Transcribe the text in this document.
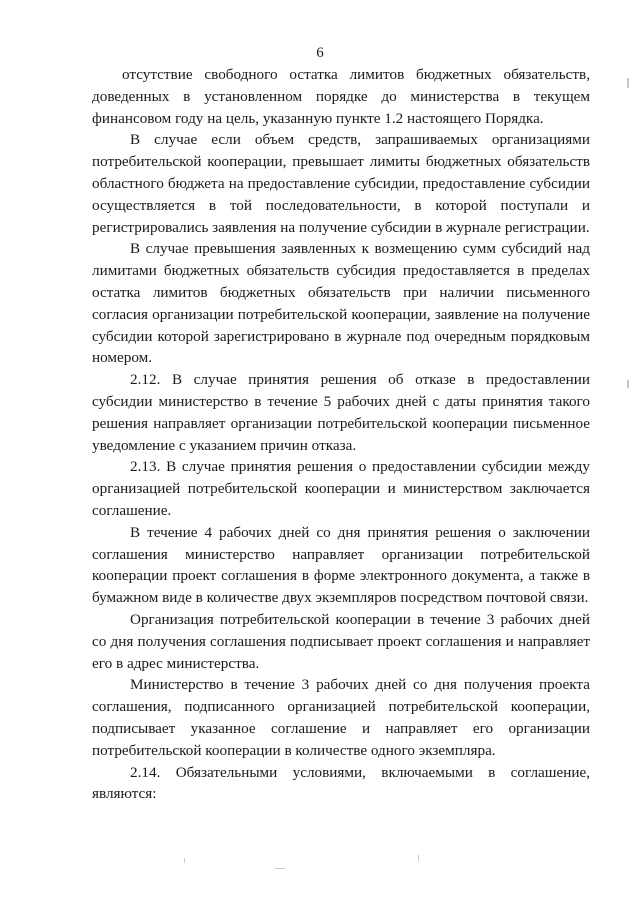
6

отсутствие свободного остатка лимитов бюджетных обязательств, доведенных в установленном порядке до министерства в текущем финансовом году на цель, указанную пункте 1.2 настоящего Порядка.

В случае если объем средств, запрашиваемых организациями потребительской кооперации, превышает лимиты бюджетных обязательств областного бюджета на предоставление субсидии, предоставление субсидии осуществляется в той последовательности, в которой поступали и регистрировались заявления на получение субсидии в журнале регистрации.

В случае превышения заявленных к возмещению сумм субсидий над лимитами бюджетных обязательств субсидия предоставляется в пределах остатка лимитов бюджетных обязательств при наличии письменного согласия организации потребительской кооперации, заявление на получение субсидии которой зарегистрировано в журнале под очередным порядковым номером.

2.12. В случае принятия решения об отказе в предоставлении субсидии министерство в течение 5 рабочих дней с даты принятия такого решения направляет организации потребительской кооперации письменное уведомление с указанием причин отказа.

2.13. В случае принятия решения о предоставлении субсидии между организацией потребительской кооперации и министерством заключается соглашение.

В течение 4 рабочих дней со дня принятия решения о заключении соглашения министерство направляет организации потребительской кооперации проект соглашения в форме электронного документа, а также в бумажном виде в количестве двух экземпляров посредством почтовой связи.

Организация потребительской кооперации в течение 3 рабочих дней со дня получения соглашения подписывает проект соглашения и направляет его в адрес министерства.

Министерство в течение 3 рабочих дней со дня получения проекта соглашения, подписанного организацией потребительской кооперации, подписывает указанное соглашение и направляет его организации потребительской кооперации в количестве одного экземпляра.

2.14. Обязательными условиями, включаемыми в соглашение, являются:
